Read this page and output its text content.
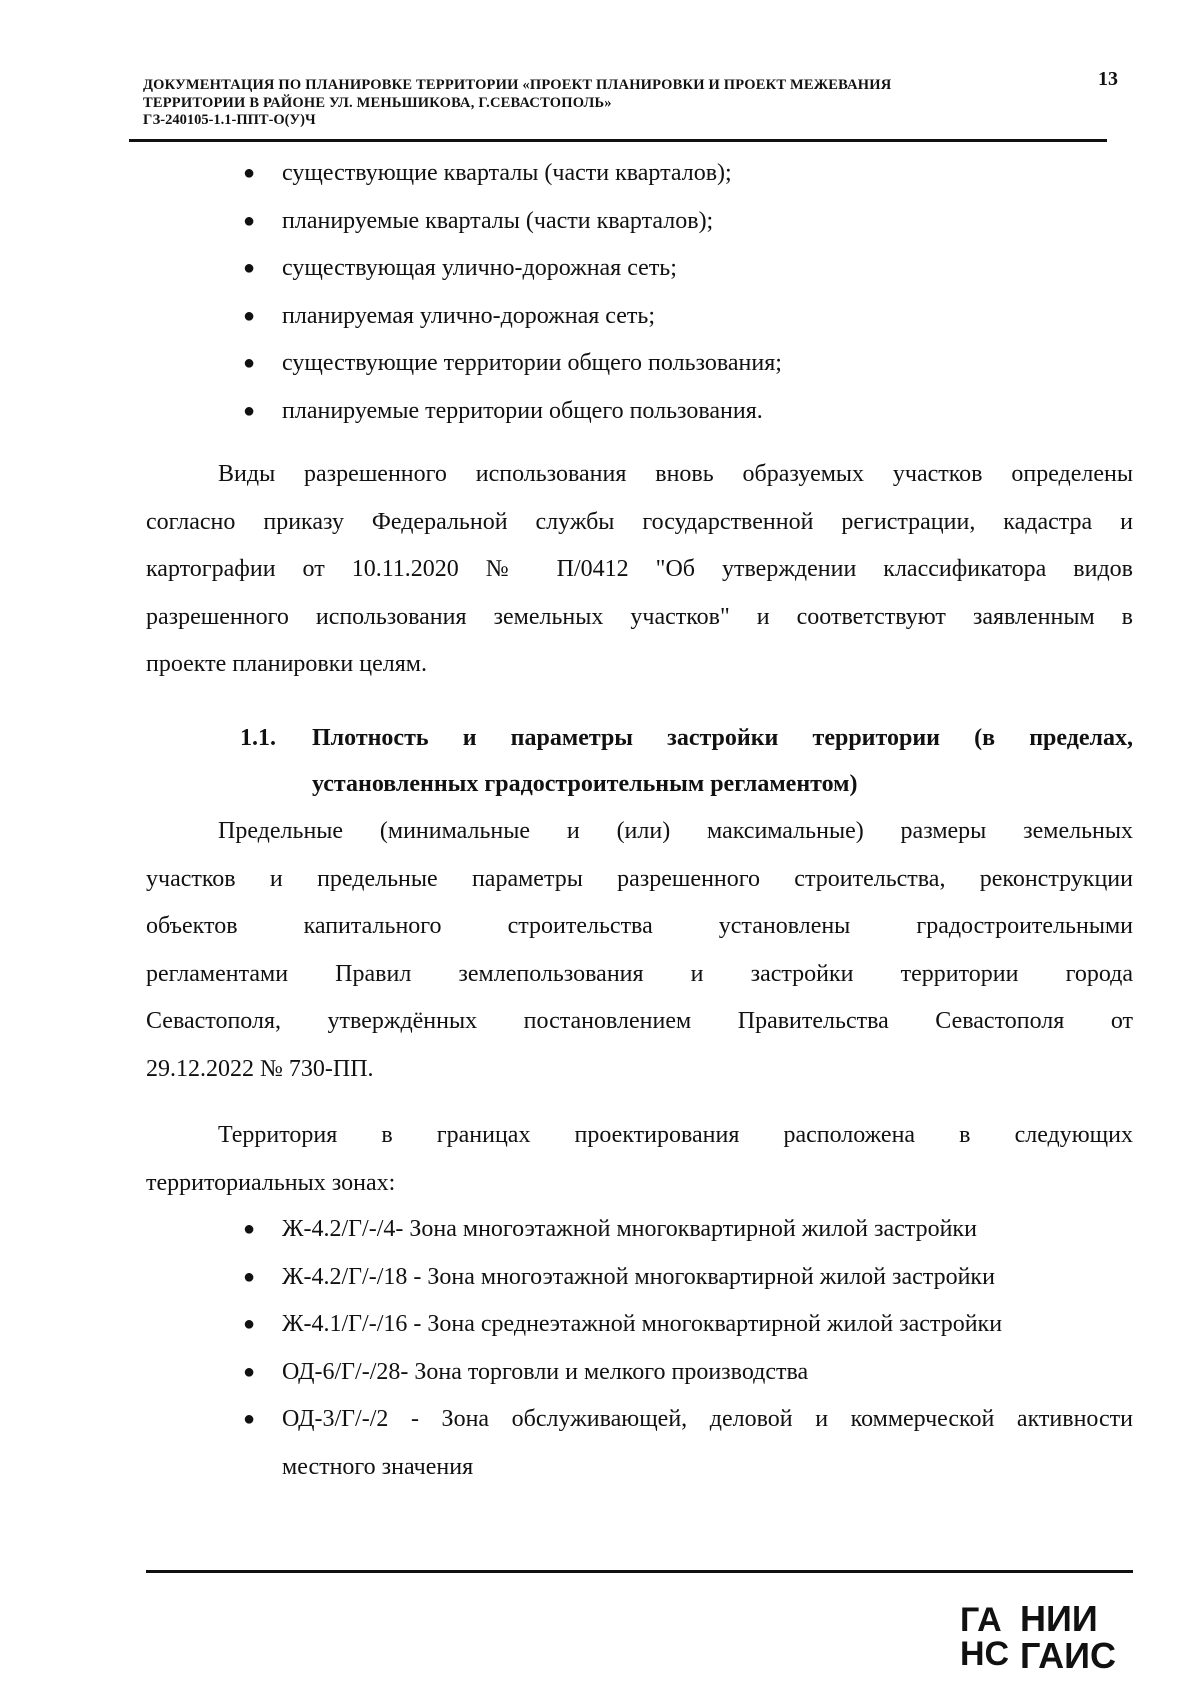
ДОКУМЕНТАЦИЯ ПО ПЛАНИРОВКЕ ТЕРРИТОРИИ «ПРОЕКТ ПЛАНИРОВКИ И ПРОЕКТ МЕЖЕВАНИЯ
ТЕРРИТОРИИ В РАЙОНЕ УЛ. МЕНЬШИКОВА, Г.СЕВАСТОПОЛЬ»
ГЗ-240105-1.1-ППТ-О(У)Ч
13
● существующие кварталы (части кварталов);
● планируемые кварталы (части кварталов);
● существующая улично-дорожная сеть;
● планируемая улично-дорожная сеть;
● существующие территории общего пользования;
● планируемые территории общего пользования.
Виды разрешенного использования вновь образуемых участков определены
согласно приказу Федеральной службы государственной регистрации, кадастра и
картографии от 10.11.2020 № П/0412 "Об утверждении классификатора видов
разрешенного использования земельных участков" и соответствуют заявленным в
проекте планировки целям.
1.1. Плотность и параметры застройки территории (в пределах,
установленных градостроительным регламентом)
Предельные (минимальные и (или) максимальные) размеры земельных
участков и предельные параметры разрешенного строительства, реконструкции
объектов капитального строительства установлены градостроительными
регламентами Правил землепользования и застройки территории города
Севастополя, утверждённых постановлением Правительства Севастополя от
29.12.2022 № 730-ПП.
Территория в границах проектирования расположена в следующих
территориальных зонах:
● Ж-4.2/Г/-/4- Зона многоэтажной многоквартирной жилой застройки
● Ж-4.2/Г/-/18 - Зона многоэтажной многоквартирной жилой застройки
● Ж-4.1/Г/-/16 - Зона среднеэтажной многоквартирной жилой застройки
● ОД-6/Г/-/28- Зона торговли и мелкого производства
● ОД-3/Г/-/2 - Зона обслуживающей, деловой и коммерческой активности
местного значения
ГА
НС
НИИ
ГАИС
